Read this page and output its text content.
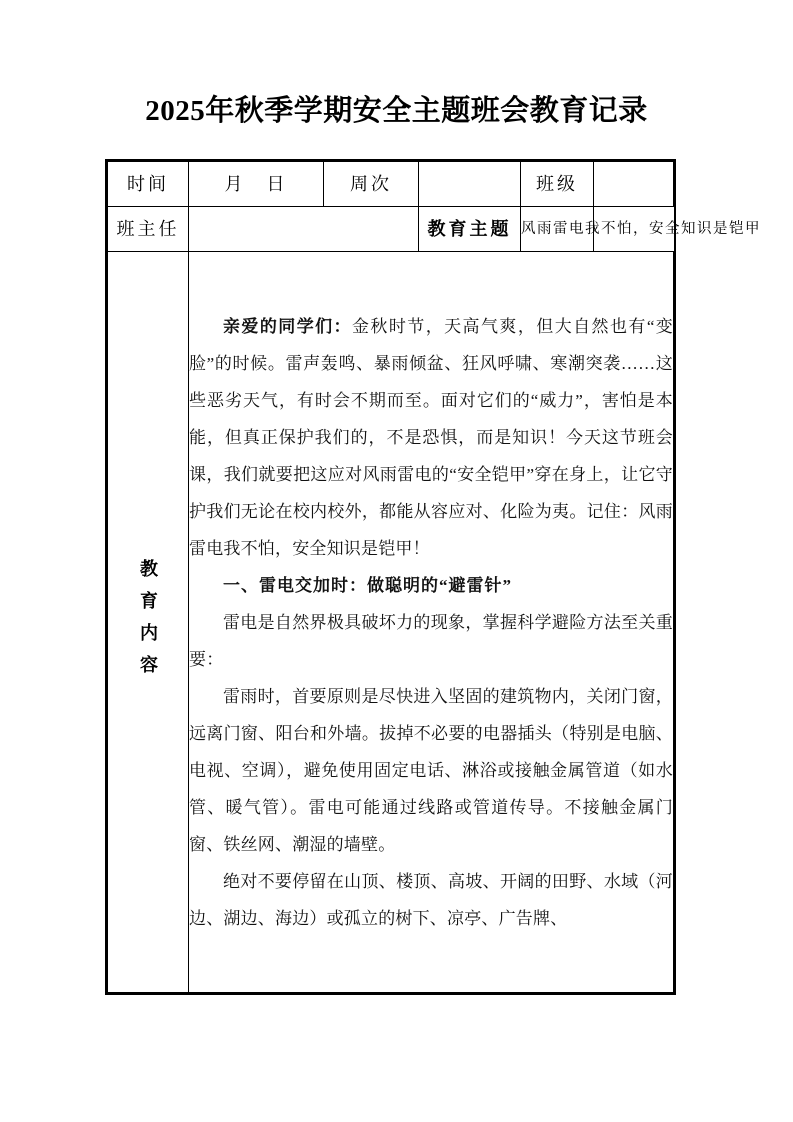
2025年秋季学期安全主题班会教育记录
时间	月　日	周次		班级	
班主任			教育主题	风雨雷电我不怕，安全知识是铠甲	
教育内容	亲爱的同学们：金秋时节，天高气爽，但大自然也有“变脸”的时候。雷声轰鸣、暴雨倾盆、狂风呼啸、寒潮突袭……这些恶劣天气，有时会不期而至。面对它们的“威力”，害怕是本能，但真正保护我们的，不是恐惧，而是知识！今天这节班会课，我们就要把这应对风雨雷电的“安全铠甲”穿在身上，让它守护我们无论在校内校外，都能从容应对、化险为夷。记住：风雨雷电我不怕，安全知识是铠甲！

一、雷电交加时：做聪明的“避雷针”

雷电是自然界极具破坏力的现象，掌握科学避险方法至关重要：

雷雨时，首要原则是尽快进入坚固的建筑物内，关闭门窗，远离门窗、阳台和外墙。拔掉不必要的电器插头（特别是电脑、电视、空调），避免使用固定电话、淋浴或接触金属管道（如水管、暖气管）。雷电可能通过线路或管道传导。不接触金属门窗、铁丝网、潮湿的墙壁。

绝对不要停留在山顶、楼顶、高坡、开阔的田野、水域（河边、湖边、海边）或孤立的树下、凉亭、广告牌、				
